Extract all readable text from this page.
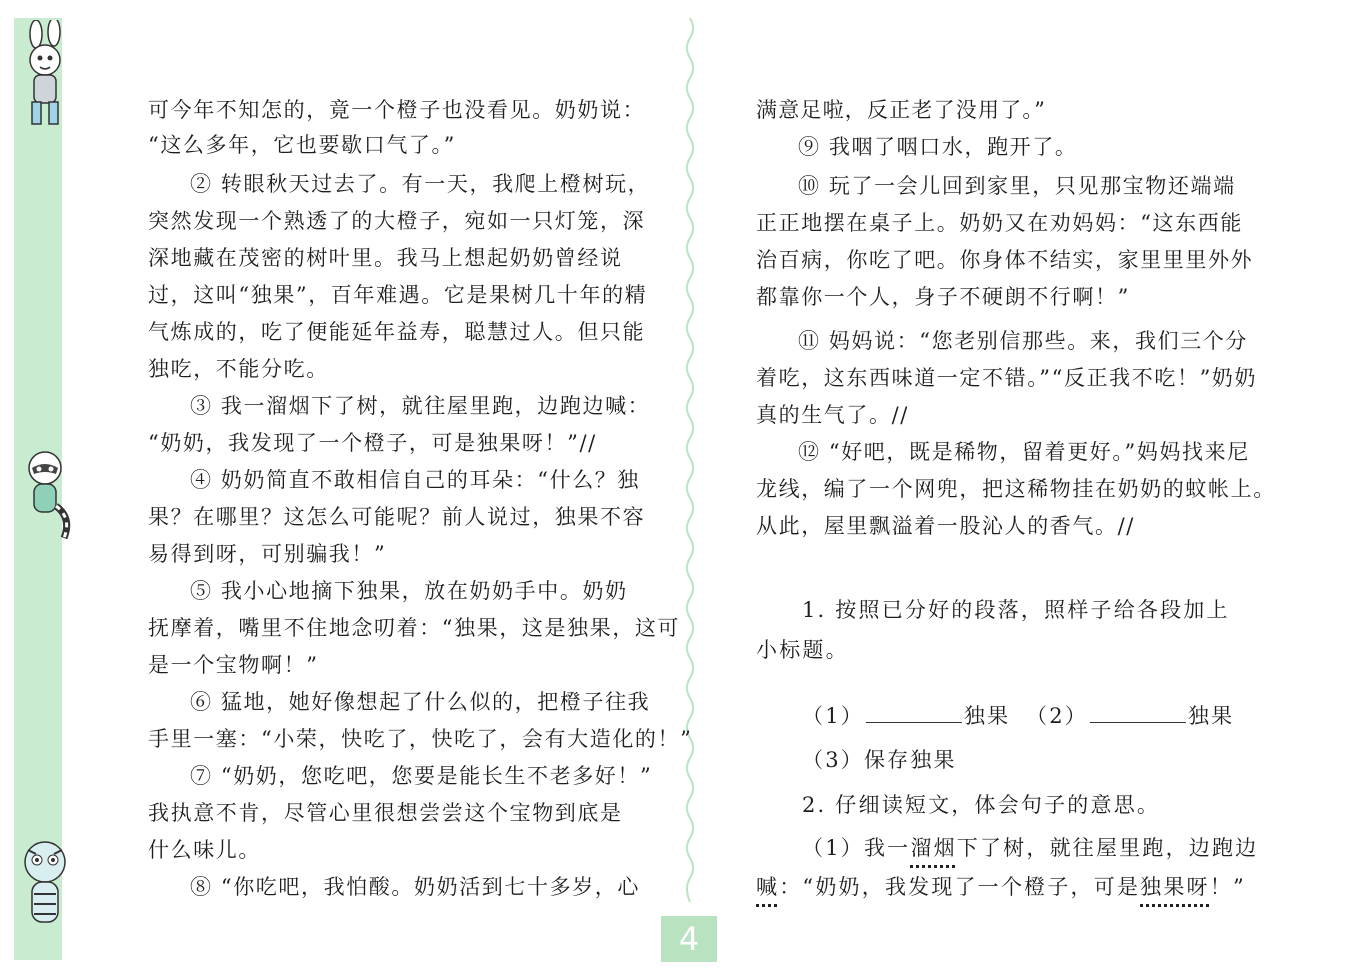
可今年不知怎的，竟一个橙子也没看见。奶奶说：

“这么多年，它也要歇口气了。”

② 转眼秋天过去了。有一天，我爬上橙树玩，

突然发现一个熟透了的大橙子，宛如一只灯笼，深

深地藏在茂密的树叶里。我马上想起奶奶曾经说

过，这叫“独果”，百年难遇。它是果树几十年的精

气炼成的，吃了便能延年益寿，聪慧过人。但只能

独吃，不能分吃。

③ 我一溜烟下了树，就往屋里跑，边跑边喊：

“奶奶，我发现了一个橙子，可是独果呀！”//

④ 奶奶简直不敢相信自己的耳朵：“什么？独

果？在哪里？这怎么可能呢？前人说过，独果不容

易得到呀，可别骗我！”

⑤ 我小心地摘下独果，放在奶奶手中。奶奶

抚摩着，嘴里不住地念叨着：“独果，这是独果，这可

是一个宝物啊！”

⑥ 猛地，她好像想起了什么似的，把橙子往我

手里一塞：“小荣，快吃了，快吃了，会有大造化的！”

⑦ “奶奶，您吃吧，您要是能长生不老多好！”

我执意不肯，尽管心里很想尝尝这个宝物到底是

什么味儿。

⑧ “你吃吧，我怕酸。奶奶活到七十多岁，心

满意足啦，反正老了没用了。”

⑨ 我咽了咽口水，跑开了。

⑩ 玩了一会儿回到家里，只见那宝物还端端

正正地摆在桌子上。奶奶又在劝妈妈：“这东西能

治百病，你吃了吧。你身体不结实，家里里里外外

都靠你一个人，身子不硬朗不行啊！”

⑪ 妈妈说：“您老别信那些。来，我们三个分

着吃，这东西味道一定不错。”“反正我不吃！”奶奶

真的生气了。//

⑫ “好吧，既是稀物，留着更好。”妈妈找来尼

龙线，编了一个网兜，把这稀物挂在奶奶的蚊帐上。

从此，屋里飘溢着一股沁人的香气。//

1. 按照已分好的段落，照样子给各段加上

小标题。

（1）	独果 （2）	独果

（3）保存独果

2. 仔细读短文，体会句子的意思。

（1）我一溜烟下了树，就往屋里跑，边跑边

喊：“奶奶，我发现了一个橙子，可是独果呀！”

4
